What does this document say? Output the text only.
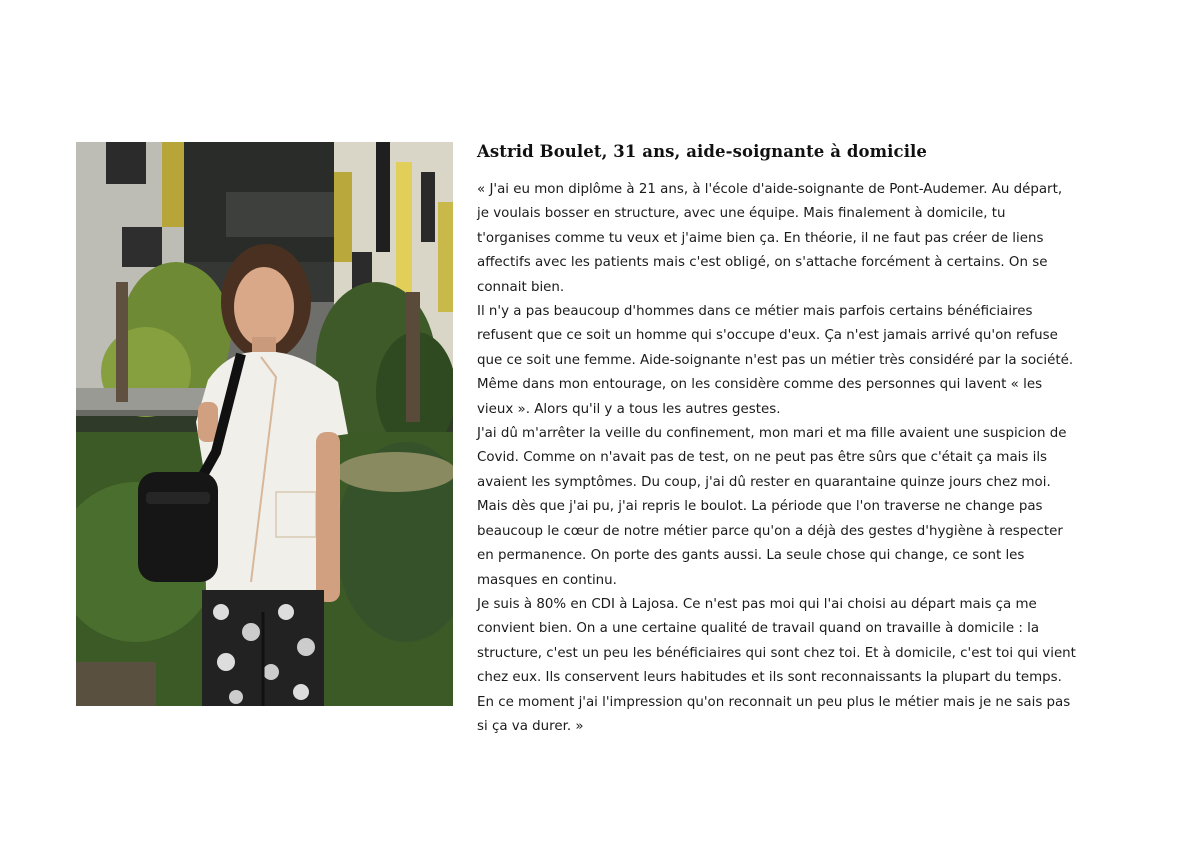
Astrid Boulet, 31 ans, aide-soignante à domicile

« J'ai eu mon diplôme à 21 ans, à l'école d'aide-soignante de Pont-Audemer. Au départ, je voulais bosser en structure, avec une équipe. Mais finalement à domicile, tu t'organises comme tu veux et j'aime bien ça. En théorie, il ne faut pas créer de liens affectifs avec les patients mais c'est obligé, on s'attache forcément à certains. On se connait bien.

Il n'y a pas beaucoup d'hommes dans ce métier mais parfois certains bénéficiaires refusent que ce soit un homme qui s'occupe d'eux. Ça n'est jamais arrivé qu'on refuse que ce soit une femme. Aide-soignante n'est pas un métier très considéré par la société. Même dans mon entourage, on les considère comme des personnes qui lavent « les vieux ». Alors qu'il y a tous les autres gestes.

J'ai dû m'arrêter la veille du confinement, mon mari et ma fille avaient une suspicion de Covid. Comme on n'avait pas de test, on ne peut pas être sûrs que c'était ça mais ils avaient les symptômes. Du coup, j'ai dû rester en quarantaine quinze jours chez moi. Mais dès que j'ai pu, j'ai repris le boulot. La période que l'on traverse ne change pas beaucoup le cœur de notre métier parce qu'on a déjà des gestes d'hygiène à respecter en permanence. On porte des gants aussi. La seule chose qui change, ce sont les masques en continu.

Je suis à 80% en CDI à Lajosa. Ce n'est pas moi qui l'ai choisi au départ mais ça me convient bien. On a une certaine qualité de travail quand on travaille à domicile : la structure, c'est un peu les bénéficiaires qui sont chez toi. Et à domicile, c'est toi qui vient chez eux. Ils conservent leurs habitudes et ils sont reconnaissants la plupart du temps. En ce moment j'ai l'impression qu'on reconnait un peu plus le métier mais je ne sais pas si ça va durer. »
